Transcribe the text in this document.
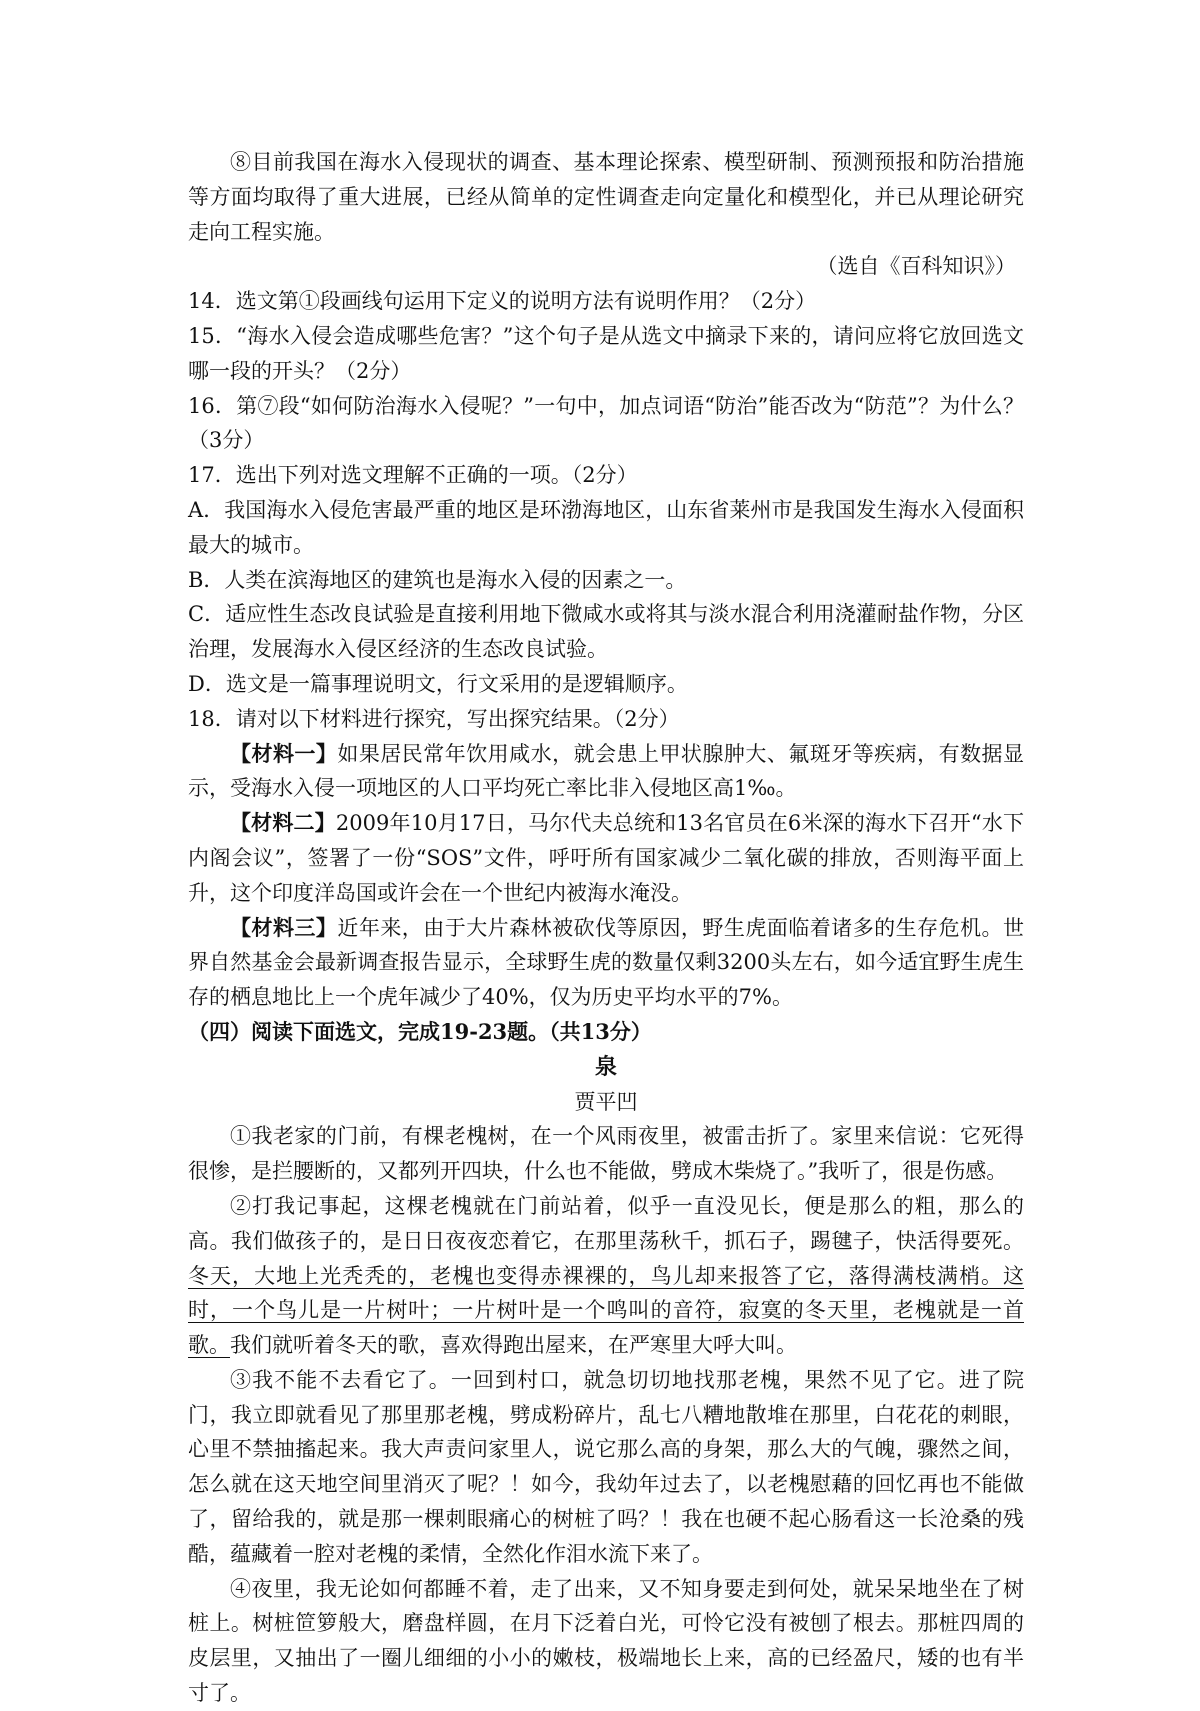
⑧目前我国在海水入侵现状的调查、基本理论探索、模型研制、预测预报和防治措施等方面均取得了重大进展，已经从简单的定性调查走向定量化和模型化，并已从理论研究走向工程实施。

（选自《百科知识》）

14．选文第①段画线句运用下定义的说明方法有说明作用？（2分）

15．“海水入侵会造成哪些危害？”这个句子是从选文中摘录下来的，请问应将它放回选文哪一段的开头？（2分）

16．第⑦段“如何防治海水入侵呢？”一句中，加点词语“防治”能否改为“防范”？为什么？（3分）

17．选出下列对选文理解不正确的一项。（2分）

A．我国海水入侵危害最严重的地区是环渤海地区，山东省莱州市是我国发生海水入侵面积最大的城市。

B．人类在滨海地区的建筑也是海水入侵的因素之一。

C．适应性生态改良试验是直接利用地下微咸水或将其与淡水混合利用浇灌耐盐作物，分区治理，发展海水入侵区经济的生态改良试验。

D．选文是一篇事理说明文，行文采用的是逻辑顺序。

18．请对以下材料进行探究，写出探究结果。（2分）

【材料一】如果居民常年饮用咸水，就会患上甲状腺肿大、氟斑牙等疾病，有数据显示，受海水入侵一项地区的人口平均死亡率比非入侵地区高1‰。

【材料二】2009年10月17日，马尔代夫总统和13名官员在6米深的海水下召开“水下内阁会议”，签署了一份“SOS”文件，呼吁所有国家减少二氧化碳的排放，否则海平面上升，这个印度洋岛国或许会在一个世纪内被海水淹没。

【材料三】近年来，由于大片森林被砍伐等原因，野生虎面临着诸多的生存危机。世界自然基金会最新调查报告显示，全球野生虎的数量仅剩3200头左右，如今适宜野生虎生存的栖息地比上一个虎年减少了40%，仅为历史平均水平的7%。

（四）阅读下面选文，完成19-23题。（共13分）

泉

贾平凹

①我老家的门前，有棵老槐树，在一个风雨夜里，被雷击折了。家里来信说：它死得很惨，是拦腰断的，又都列开四块，什么也不能做，劈成木柴烧了。”我听了，很是伤感。

②打我记事起，这棵老槐就在门前站着，似乎一直没见长，便是那么的粗，那么的高。我们做孩子的，是日日夜夜恋着它，在那里荡秋千，抓石子，踢毽子，快活得要死。冬天，大地上光秃秃的，老槐也变得赤裸裸的，鸟儿却来报答了它，落得满枝满梢。这时，一个鸟儿是一片树叶；一片树叶是一个鸣叫的音符，寂寞的冬天里，老槐就是一首歌。我们就听着冬天的歌，喜欢得跑出屋来，在严寒里大呼大叫。

③我不能不去看它了。一回到村口，就急切切地找那老槐，果然不见了它。进了院门，我立即就看见了那里那老槐，劈成粉碎片，乱七八糟地散堆在那里，白花花的刺眼，心里不禁抽搐起来。我大声责问家里人，说它那么高的身架，那么大的气魄，骤然之间，怎么就在这天地空间里消灭了呢？！如今，我幼年过去了，以老槐慰藉的回忆再也不能做了，留给我的，就是那一棵刺眼痛心的树桩了吗？！我在也硬不起心肠看这一长沧桑的残酷，蕴藏着一腔对老槐的柔情，全然化作泪水流下来了。

④夜里，我无论如何都睡不着，走了出来，又不知身要走到何处，就呆呆地坐在了树桩上。树桩笸箩般大，磨盘样圆，在月下泛着白光，可怜它没有被刨了根去。那桩四周的皮层里，又抽出了一圈儿细细的小小的嫩枝，极端地长上来，高的已经盈尺，矮的也有半寸了。
